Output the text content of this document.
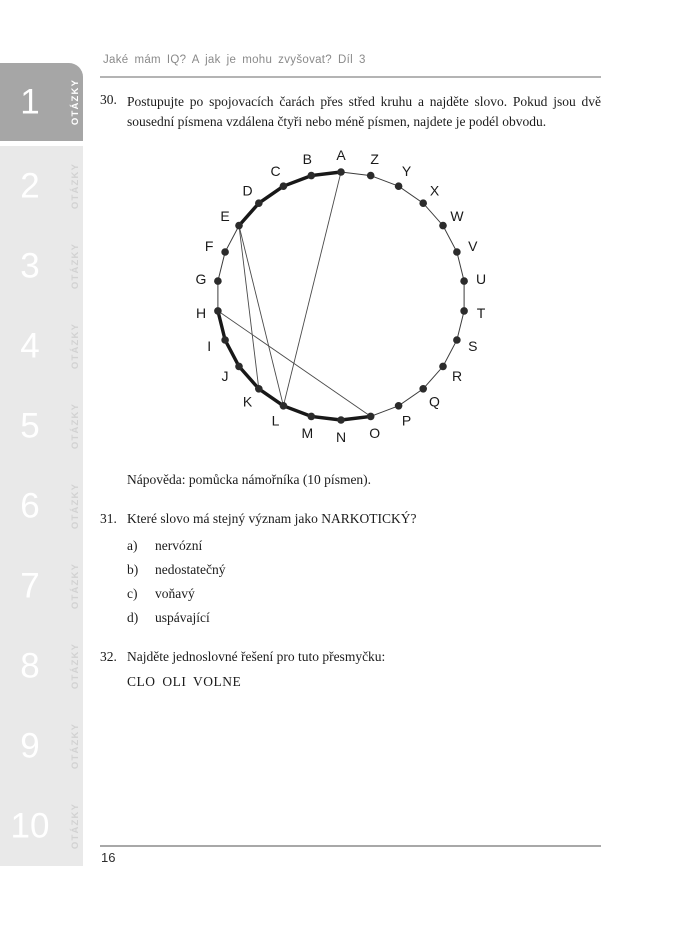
1	OTÁZKY
2	OTÁZKY
3	OTÁZKY
4	OTÁZKY
5	OTÁZKY
6	OTÁZKY
7	OTÁZKY
8	OTÁZKY
9	OTÁZKY
10	OTÁZKY
Jaké mám IQ? A jak je mohu zvyšovat? Díl 3
30. Postupujte po spojovacích čarách přes střed kruhu a najděte slovo. Pokud jsou dvě sousední písmena vzdálena čtyři nebo méně písmen, najdete je podél obvodu.
A
B
C
D
E
F
G
H
I
J
K
L
M N O
P
Q
R
S
T
U
V
W
X
Y
Z
Nápověda: pomůcka námořníka (10 písmen).
31. Které slovo má stejný význam jako NARKOTICKÝ?
a) nervózní
b) nedostatečný
c) voňavý
d) uspávající
32. Najděte jednoslovné řešení pro tuto přesmyčku:
CLO OLI VOLNE
16
